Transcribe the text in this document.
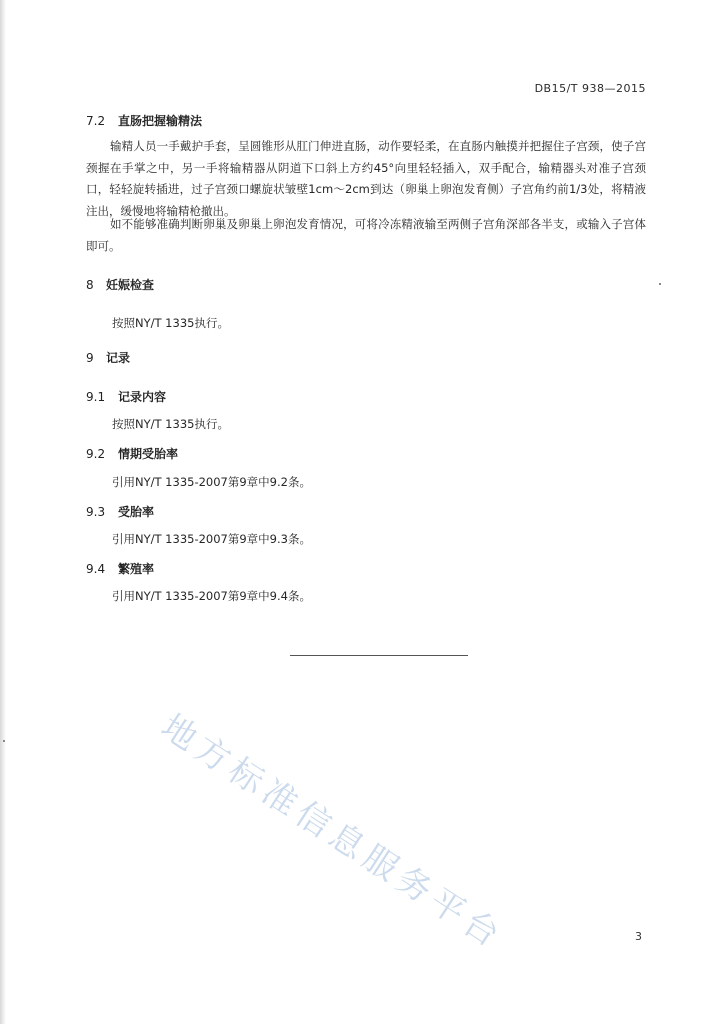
DB15/T 938—2015
7.2 直肠把握输精法
输精人员一手戴护手套，呈圆锥形从肛门伸进直肠，动作要轻柔，在直肠内触摸并把握住子宫颈，使子宫颈握在手掌之中，另一手将输精器从阴道下口斜上方约45°向里轻轻插入，双手配合，输精器头对准子宫颈口，轻轻旋转插进，过子宫颈口螺旋状皱壁1cm～2cm到达（卵巢上卵泡发育侧）子宫角约前1/3处，将精液注出，缓慢地将输精枪撤出。
如不能够准确判断卵巢及卵巢上卵泡发育情况，可将冷冻精液输至两侧子宫角深部各半支，或输入子宫体即可。
8 妊娠检查
按照NY/T 1335执行。
9 记录
9.1 记录内容
按照NY/T 1335执行。
9.2 情期受胎率
引用NY/T 1335-2007第9章中9.2条。
9.3 受胎率
引用NY/T 1335-2007第9章中9.3条。
9.4 繁殖率
引用NY/T 1335-2007第9章中9.4条。
地方标准信息服务平台	3
